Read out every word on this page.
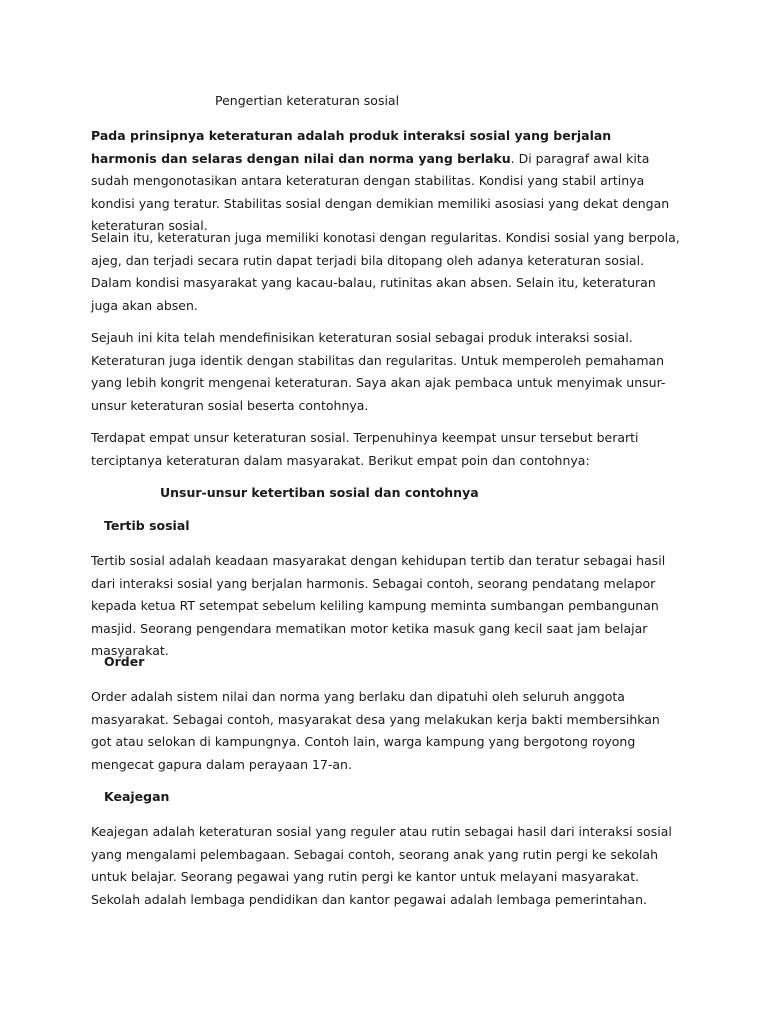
Pengertian keteraturan sosial

Pada prinsipnya keteraturan adalah produk interaksi sosial yang berjalan harmonis dan selaras dengan nilai dan norma yang berlaku. Di paragraf awal kita sudah mengonotasikan antara keteraturan dengan stabilitas. Kondisi yang stabil artinya kondisi yang teratur. Stabilitas sosial dengan demikian memiliki asosiasi yang dekat dengan keteraturan sosial.

Selain itu, keteraturan juga memiliki konotasi dengan regularitas. Kondisi sosial yang berpola, ajeg, dan terjadi secara rutin dapat terjadi bila ditopang oleh adanya keteraturan sosial. Dalam kondisi masyarakat yang kacau-balau, rutinitas akan absen. Selain itu, keteraturan juga akan absen.

Sejauh ini kita telah mendefinisikan keteraturan sosial sebagai produk interaksi sosial. Keteraturan juga identik dengan stabilitas dan regularitas. Untuk memperoleh pemahaman yang lebih kongrit mengenai keteraturan. Saya akan ajak pembaca untuk menyimak unsur-unsur keteraturan sosial beserta contohnya.

Terdapat empat unsur keteraturan sosial. Terpenuhinya keempat unsur tersebut berarti terciptanya keteraturan dalam masyarakat. Berikut empat poin dan contohnya:

Unsur-unsur ketertiban sosial dan contohnya
Tertib sosial

Tertib sosial adalah keadaan masyarakat dengan kehidupan tertib dan teratur sebagai hasil dari interaksi sosial yang berjalan harmonis. Sebagai contoh, seorang pendatang melapor kepada ketua RT setempat sebelum keliling kampung meminta sumbangan pembangunan masjid. Seorang pengendara mematikan motor ketika masuk gang kecil saat jam belajar masyarakat.

Order

Order adalah sistem nilai dan norma yang berlaku dan dipatuhi oleh seluruh anggota masyarakat. Sebagai contoh, masyarakat desa yang melakukan kerja bakti membersihkan got atau selokan di kampungnya. Contoh lain, warga kampung yang bergotong royong mengecat gapura dalam perayaan 17-an.

Keajegan

Keajegan adalah keteraturan sosial yang reguler atau rutin sebagai hasil dari interaksi sosial yang mengalami pelembagaan. Sebagai contoh, seorang anak yang rutin pergi ke sekolah untuk belajar. Seorang pegawai yang rutin pergi ke kantor untuk melayani masyarakat. Sekolah adalah lembaga pendidikan dan kantor pegawai adalah lembaga pemerintahan.
